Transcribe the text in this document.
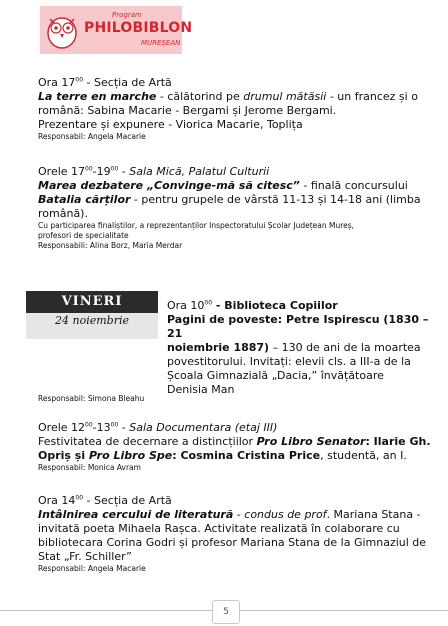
Program
PHILOBIBLON
MUREȘEAN
Ora $17^{00}$ - Secția de Artă
La terre en marche - călătorind pe drumul mătăsii - un francez și o
română: Sabina Macarie - Bergami și Jerome Bergami.
Prezentare și expunere - Viorica Macarie, Toplița
Responsabil: Angela Macarie
Orele $17^{00}-19^{00}$ - Sala Mică, Palatul Culturii
Marea dezbatere „Convinge-mă să citesc” - finală concursului
Batalia cărților - pentru grupele de vârstă 11-13 și 14-18 ani (limba
română).
Cu participarea finaliștilor, a reprezentanților Inspectoratului Școlar Județean Mureș,
profesori de specialitate
Responsabili: Alina Borz, Maria Merdar
VINERI
24 noiembrie
Ora $10^{00}$ - Biblioteca Copiilor
Pagini de poveste: Petre Ispirescu (1830 – 21
noiembrie 1887) – 130 de ani de la moartea
povestitorului. Invitați: elevii cls. a III-a de la
Școala Gimnazială „Dacia,” învățătoare
Denisia Man
Responsabil: Simona Bleahu
Orele $12^{00}-13^{00}$ - Sala Documentara (etaj III)
Festivitatea de decernare a distincțiilor Pro Libro Senator: Ilarie Gh.
Opriș și Pro Libro Spe: Cosmina Cristina Price, studentă, an I.
Responsabil: Monica Avram
Ora $14^{00}$ - Secția de Artă
Intâlnirea cercului de literatură - condus de prof. Mariana Stana -
invitată poeta Mihaela Rașca. Activitate realizată în colaborare cu
bibliotecara Corina Godri și profesor Mariana Stana de la Gimnaziul de
Stat „Fr. Schiller”
Responsabil: Angela Macarie
5
